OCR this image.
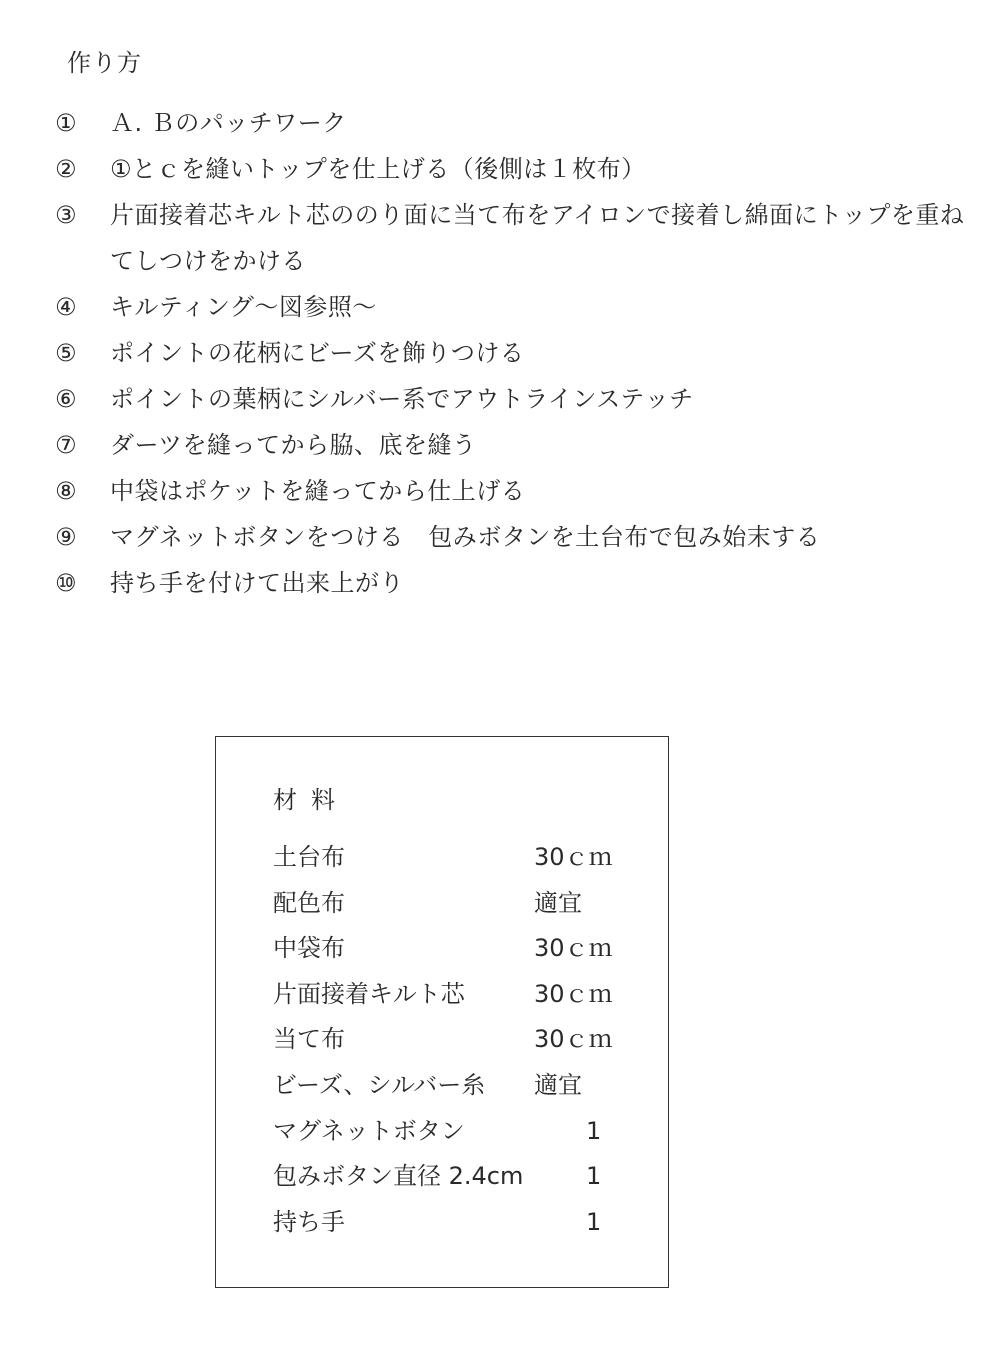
作り方
①	Ａ. Ｂのパッチワーク
②	①とｃを縫いトップを仕上げる（後側は１枚布）
③	片面接着芯キルト芯ののり面に当て布をアイロンで接着し綿面にトップを重ねてしつけをかける
④	キルティング〜図参照〜
⑤	ポイントの花柄にビーズを飾りつける
⑥	ポイントの葉柄にシルバー系でアウトラインステッチ
⑦	ダーツを縫ってから脇、底を縫う
⑧	中袋はポケットを縫ってから仕上げる
⑨	マグネットボタンをつける　包みボタンを土台布で包み始末する
⑩	持ち手を付けて出来上がり
材料
土台布	30ｃｍ
配色布	適宜
中袋布	30ｃｍ
片面接着キルト芯	30ｃｍ
当て布	30ｃｍ
ビーズ、シルバー糸 適宜
マグネットボタン	1
包みボタン直径 2.4cm	1
持ち手	1
